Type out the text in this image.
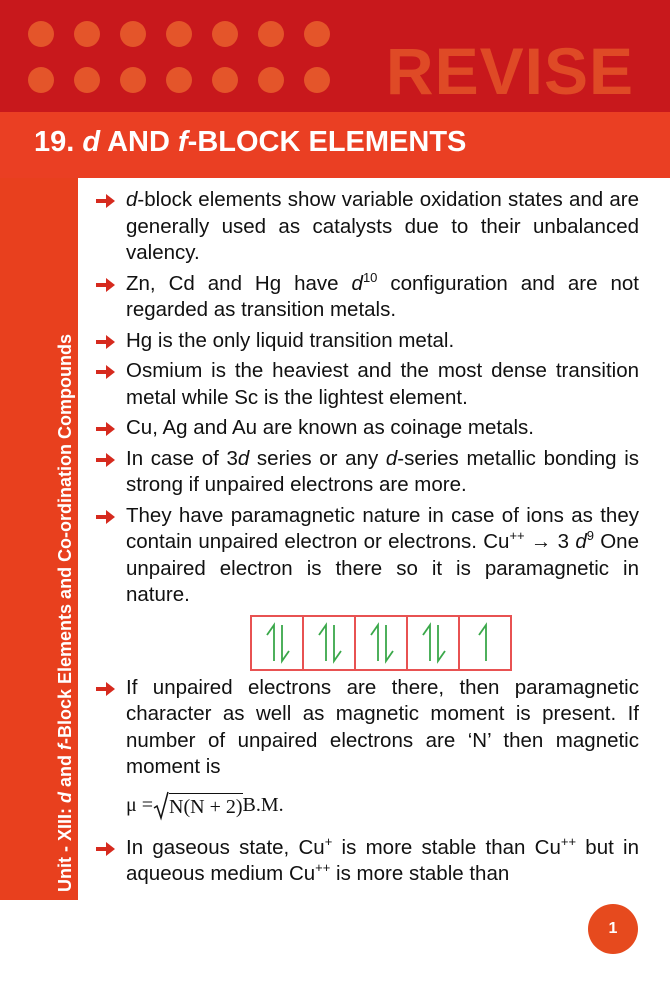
REVISE
19. d AND f-BLOCK ELEMENTS
Unit - XIII: d and f-Block Elements and Co-ordination Compounds
d-block elements show variable oxidation states and are generally used as catalysts due to their unbalanced valency.
Zn, Cd and Hg have $d^{10}$ configuration and are not regarded as transition metals.
Hg is the only liquid transition metal.
Osmium is the heaviest and the most dense transition metal while Sc is the lightest element.
Cu, Ag and Au are known as coinage metals.
In case of 3d series or any d-series metallic bonding is strong if unpaired electrons are more.
They have paramagnetic nature in case of ions as they contain unpaired electron or electrons. Cu++ → 3 $d^9$ One unpaired electron is there so it is paramagnetic in nature.
If unpaired electrons are there, then paramagnetic character as well as magnetic moment is present. If number of unpaired electrons are ‘N’ then magnetic moment is
μ = N(N + 2) B.M.
In gaseous state, Cu+ is more stable than Cu++ but in aqueous medium Cu++ is more stable than
1
